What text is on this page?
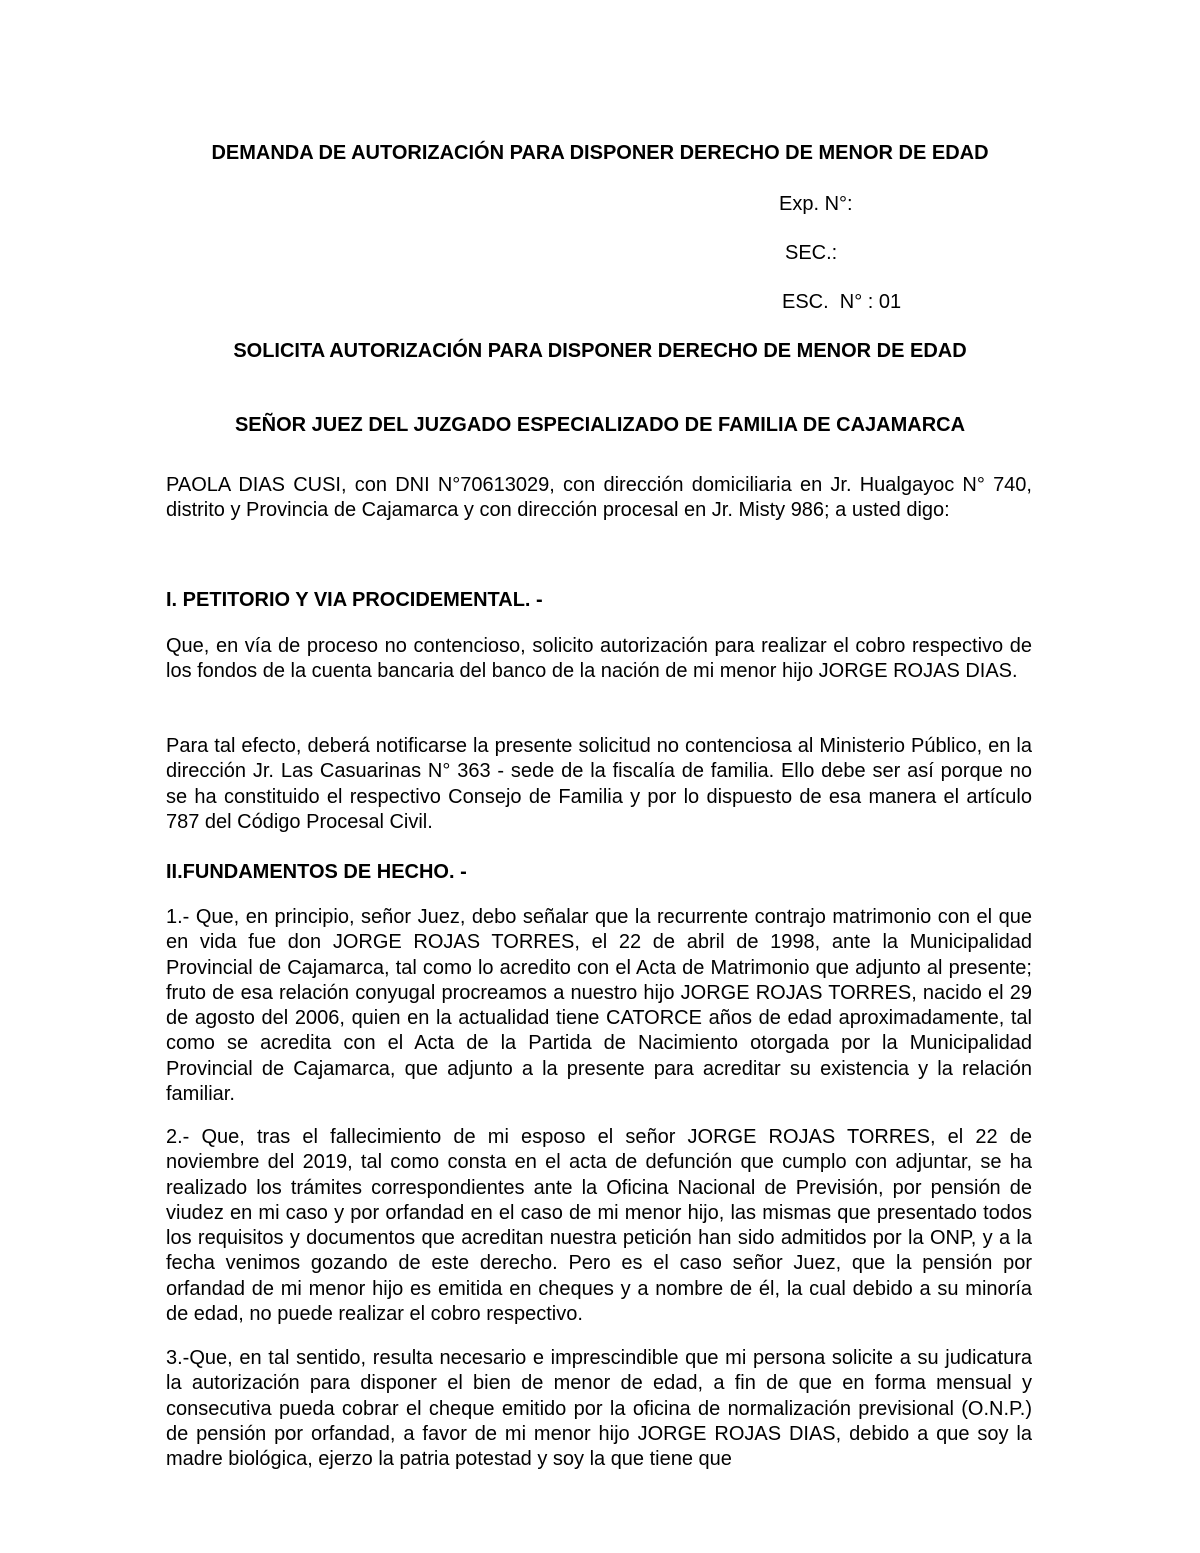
DEMANDA DE AUTORIZACIÓN PARA DISPONER DERECHO DE MENOR DE EDAD
Exp. N°:
SEC.:
ESC.  N° : 01
SOLICITA AUTORIZACIÓN PARA DISPONER DERECHO DE MENOR DE EDAD
SEÑOR JUEZ DEL JUZGADO ESPECIALIZADO DE FAMILIA DE CAJAMARCA

PAOLA DIAS CUSI, con DNI N°70613029, con dirección domiciliaria en Jr. Hualgayoc N° 740, distrito y Provincia de Cajamarca y con dirección procesal en Jr. Misty 986; a usted digo:

I. PETITORIO Y VIA PROCIDEMENTAL. -

Que, en vía de proceso no contencioso, solicito autorización para realizar el cobro respectivo de los fondos de la cuenta bancaria del banco de la nación de mi menor hijo JORGE ROJAS DIAS.

Para tal efecto, deberá notificarse la presente solicitud no contenciosa al Ministerio Público, en la dirección Jr. Las Casuarinas N° 363 - sede de la fiscalía de familia. Ello debe ser así porque no se ha constituido el respectivo Consejo de Familia y por lo dispuesto de esa manera el artículo 787 del Código Procesal Civil.

II.FUNDAMENTOS DE HECHO. -

1.- Que, en principio, señor Juez, debo señalar que la recurrente contrajo matrimonio con el que en vida fue don JORGE ROJAS TORRES, el 22 de abril de 1998, ante la Municipalidad Provincial de Cajamarca, tal como lo acredito con el Acta de Matrimonio que adjunto al presente; fruto de esa relación conyugal procreamos a nuestro hijo JORGE ROJAS TORRES, nacido el 29 de agosto del 2006, quien en la actualidad tiene CATORCE años de edad aproximadamente, tal como se acredita con el Acta de la Partida de Nacimiento otorgada por la Municipalidad Provincial de Cajamarca, que adjunto a la presente para acreditar su existencia y la relación familiar.

2.- Que, tras el fallecimiento de mi esposo el señor JORGE ROJAS TORRES, el 22 de noviembre del 2019, tal como consta en el acta de defunción que cumplo con adjuntar, se ha realizado los trámites correspondientes ante la Oficina Nacional de Previsión, por pensión de viudez en mi caso y por orfandad en el caso de mi menor hijo, las mismas que presentado todos los requisitos y documentos que acreditan nuestra petición han sido admitidos por la ONP, y a la fecha venimos gozando de este derecho. Pero es el caso señor Juez, que la pensión por orfandad de mi menor hijo es emitida en cheques y a nombre de él, la cual debido a su minoría de edad, no puede realizar el cobro respectivo.

3.-Que, en tal sentido, resulta necesario e imprescindible que mi persona solicite a su judicatura la autorización para disponer el bien de menor de edad, a fin de que en forma mensual y consecutiva pueda cobrar el cheque emitido por la oficina de normalización previsional (O.N.P.) de pensión por orfandad, a favor de mi menor hijo JORGE ROJAS DIAS, debido a que soy la madre biológica, ejerzo la patria potestad y soy la que tiene que
